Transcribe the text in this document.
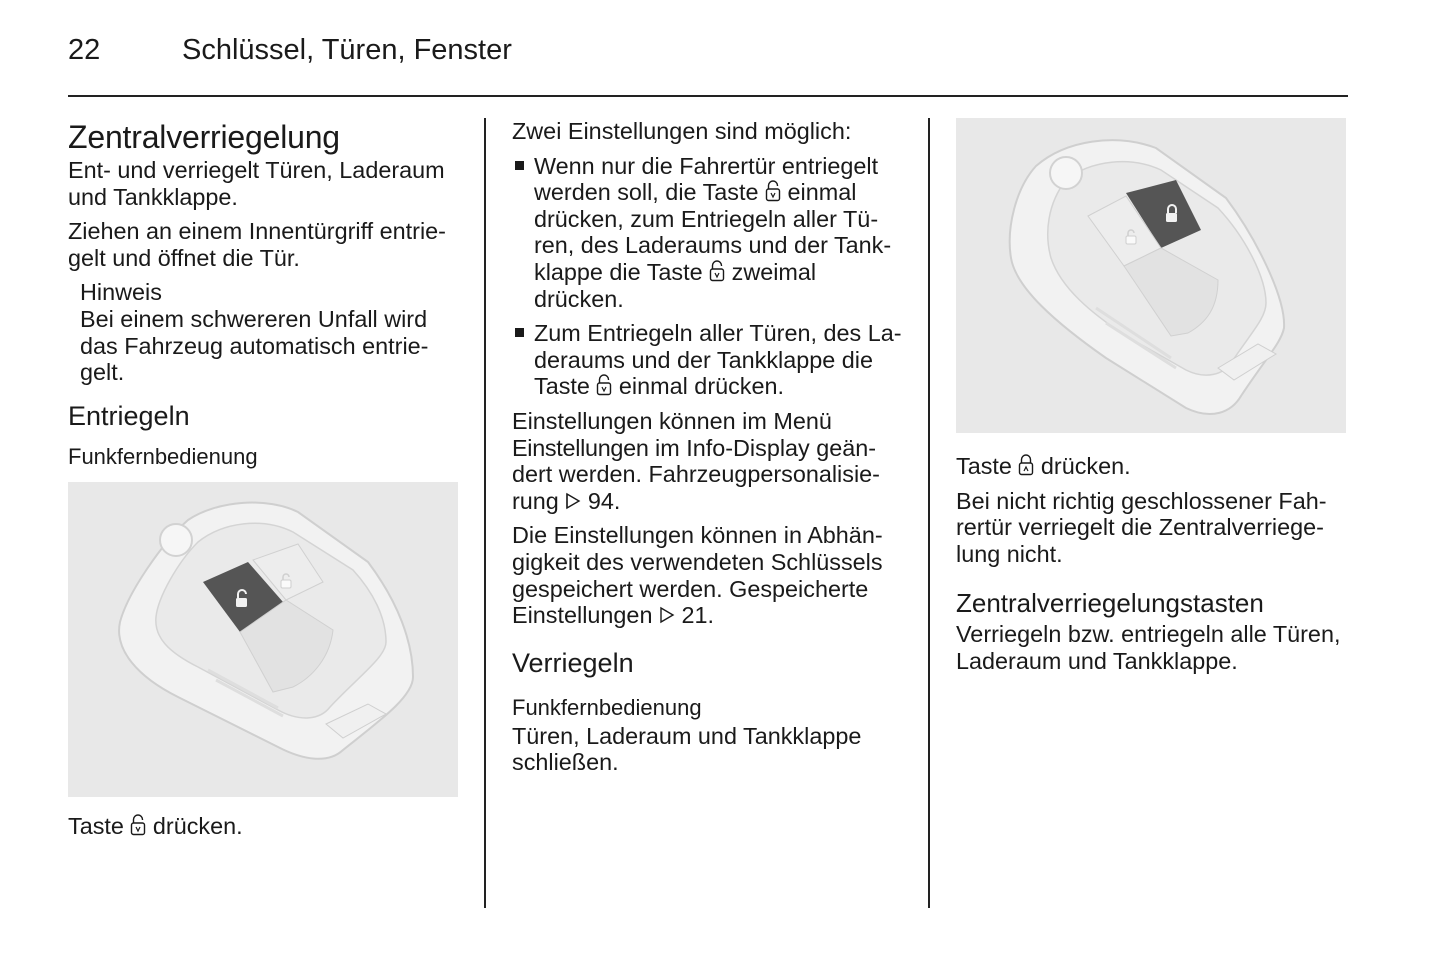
22	Schlüssel, Türen, Fenster
Zentralverriegelung

Ent- und verriegelt Türen, Laderaum und Tankklappe.

Ziehen an einem Innentürgriff entriegelt und öffnet die Tür.

Hinweis
Bei einem schwereren Unfall wird das Fahrzeug automatisch entriegelt.
Entriegeln
Funkfernbedienung

Taste  drücken.

Zwei Einstellungen sind möglich:

Wenn nur die Fahrertür entriegelt werden soll, die Taste  einmal drücken, zum Entriegeln aller Türen, des Laderaums und der Tankklappe die Taste  zweimal drücken.
Zum Entriegeln aller Türen, des Laderaums und der Tankklappe die Taste  einmal drücken.

Einstellungen können im Menü Einstellungen im Info-Display geändert werden. Fahrzeugpersonalisierung  94.

Die Einstellungen können in Abhängigkeit des verwendeten Schlüssels gespeichert werden. Gespeicherte Einstellungen  21.

Verriegeln
Funkfernbedienung

Türen, Laderaum und Tankklappe schließen.

Taste  drücken.

Bei nicht richtig geschlossener Fahrertür verriegelt die Zentralverriegelung nicht.

Zentralverriegelungstasten

Verriegeln bzw. entriegeln alle Türen, Laderaum und Tankklappe.
